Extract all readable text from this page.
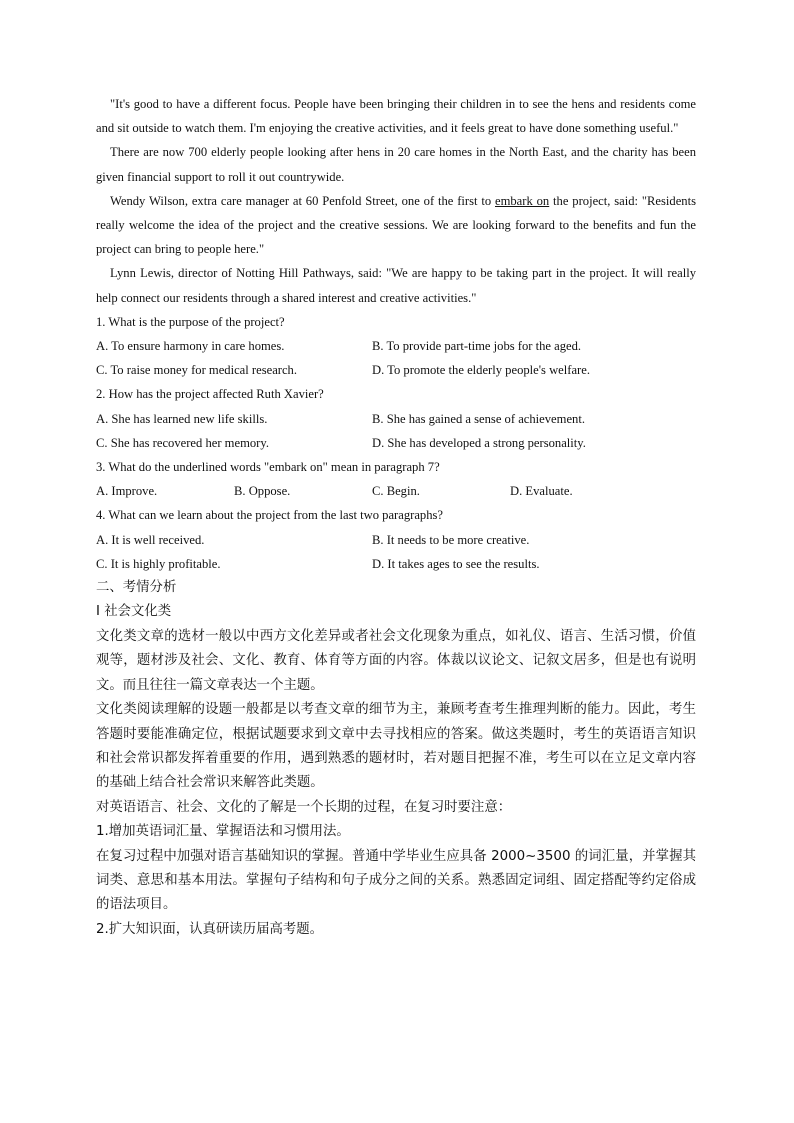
"It's good to have a different focus. People have been bringing their children in to see the hens and residents come and sit outside to watch them. I'm enjoying the creative activities, and it feels great to have done something useful."

There are now 700 elderly people looking after hens in 20 care homes in the North East, and the charity has been given financial support to roll it out countrywide.

Wendy Wilson, extra care manager at 60 Penfold Street, one of the first to embark on the project, said: "Residents really welcome the idea of the project and the creative sessions. We are looking forward to the benefits and fun the project can bring to people here."

Lynn Lewis, director of Notting Hill Pathways, said: "We are happy to be taking part in the project. It will really help connect our residents through a shared interest and creative activities."

1. What is the purpose of the project?

A. To ensure harmony in care homes.	B. To provide part-time jobs for the aged.
C. To raise money for medical research.	D. To promote the elderly people's welfare.

2. How has the project affected Ruth Xavier?

A. She has learned new life skills.	B. She has gained a sense of achievement.
C. She has recovered her memory.	D. She has developed a strong personality.

3. What do the underlined words "embark on" mean in paragraph 7?

A. Improve.	B. Oppose.	C. Begin.	D. Evaluate.

4. What can we learn about the project from the last two paragraphs?

A. It is well received.	B. It needs to be more creative.
C. It is highly profitable.	D. It takes ages to see the results.

二、考情分析

I 社会文化类

文化类文章的选材一般以中西方文化差异或者社会文化现象为重点，如礼仪、语言、生活习惯，价值观等，题材涉及社会、文化、教育、体育等方面的内容。体裁以议论文、记叙文居多，但是也有说明文。而且往往一篇文章表达一个主题。

文化类阅读理解的设题一般都是以考查文章的细节为主，兼顾考查考生推理判断的能力。因此，考生答题时要能准确定位，根据试题要求到文章中去寻找相应的答案。做这类题时，考生的英语语言知识和社会常识都发挥着重要的作用，遇到熟悉的题材时，若对题目把握不准，考生可以在立足文章内容的基础上结合社会常识来解答此类题。

对英语语言、社会、文化的了解是一个长期的过程，在复习时要注意：

1.增加英语词汇量、掌握语法和习惯用法。

在复习过程中加强对语言基础知识的掌握。普通中学毕业生应具备 2000~3500 的词汇量，并掌握其词类、意思和基本用法。掌握句子结构和句子成分之间的关系。熟悉固定词组、固定搭配等约定俗成的语法项目。

2.扩大知识面，认真研读历届高考题。
